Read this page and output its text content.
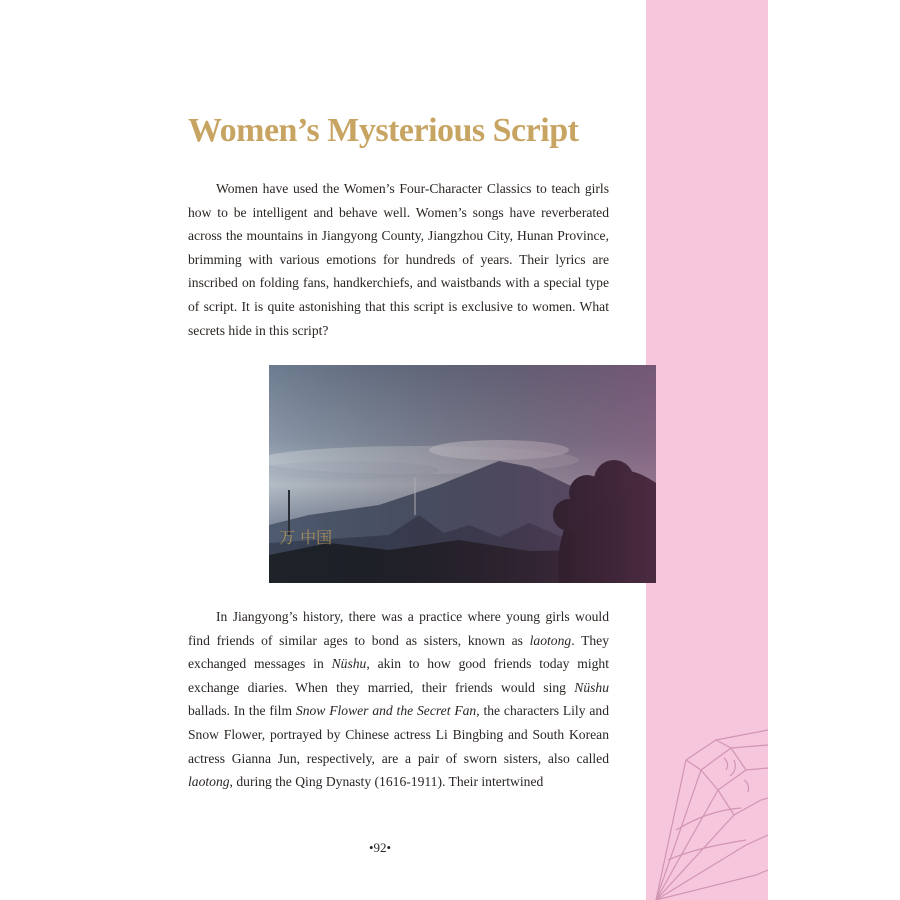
Women’s Mysterious Script

Women have used the Women’s Four-Character Classics to teach girls how to be intelligent and behave well. Women’s songs have reverberated across the mountains in Jiangyong County, Jiangzhou City, Hunan Province, brimming with various emotions for hundreds of years. Their lyrics are inscribed on folding fans, handkerchiefs, and waistbands with a special type of script. It is quite astonishing that this script is exclusive to women. What secrets hide in this script?

万 中国

In Jiangyong’s history, there was a practice where young girls would find friends of similar ages to bond as sisters, known as laotong. They exchanged messages in Nüshu, akin to how good friends today might exchange diaries. When they married, their friends would sing Nüshu ballads. In the film Snow Flower and the Secret Fan, the characters Lily and Snow Flower, portrayed by Chinese actress Li Bingbing and South Korean actress Gianna Jun, respectively, are a pair of sworn sisters, also called laotong, during the Qing Dynasty (1616-1911). Their intertwined

•92•
